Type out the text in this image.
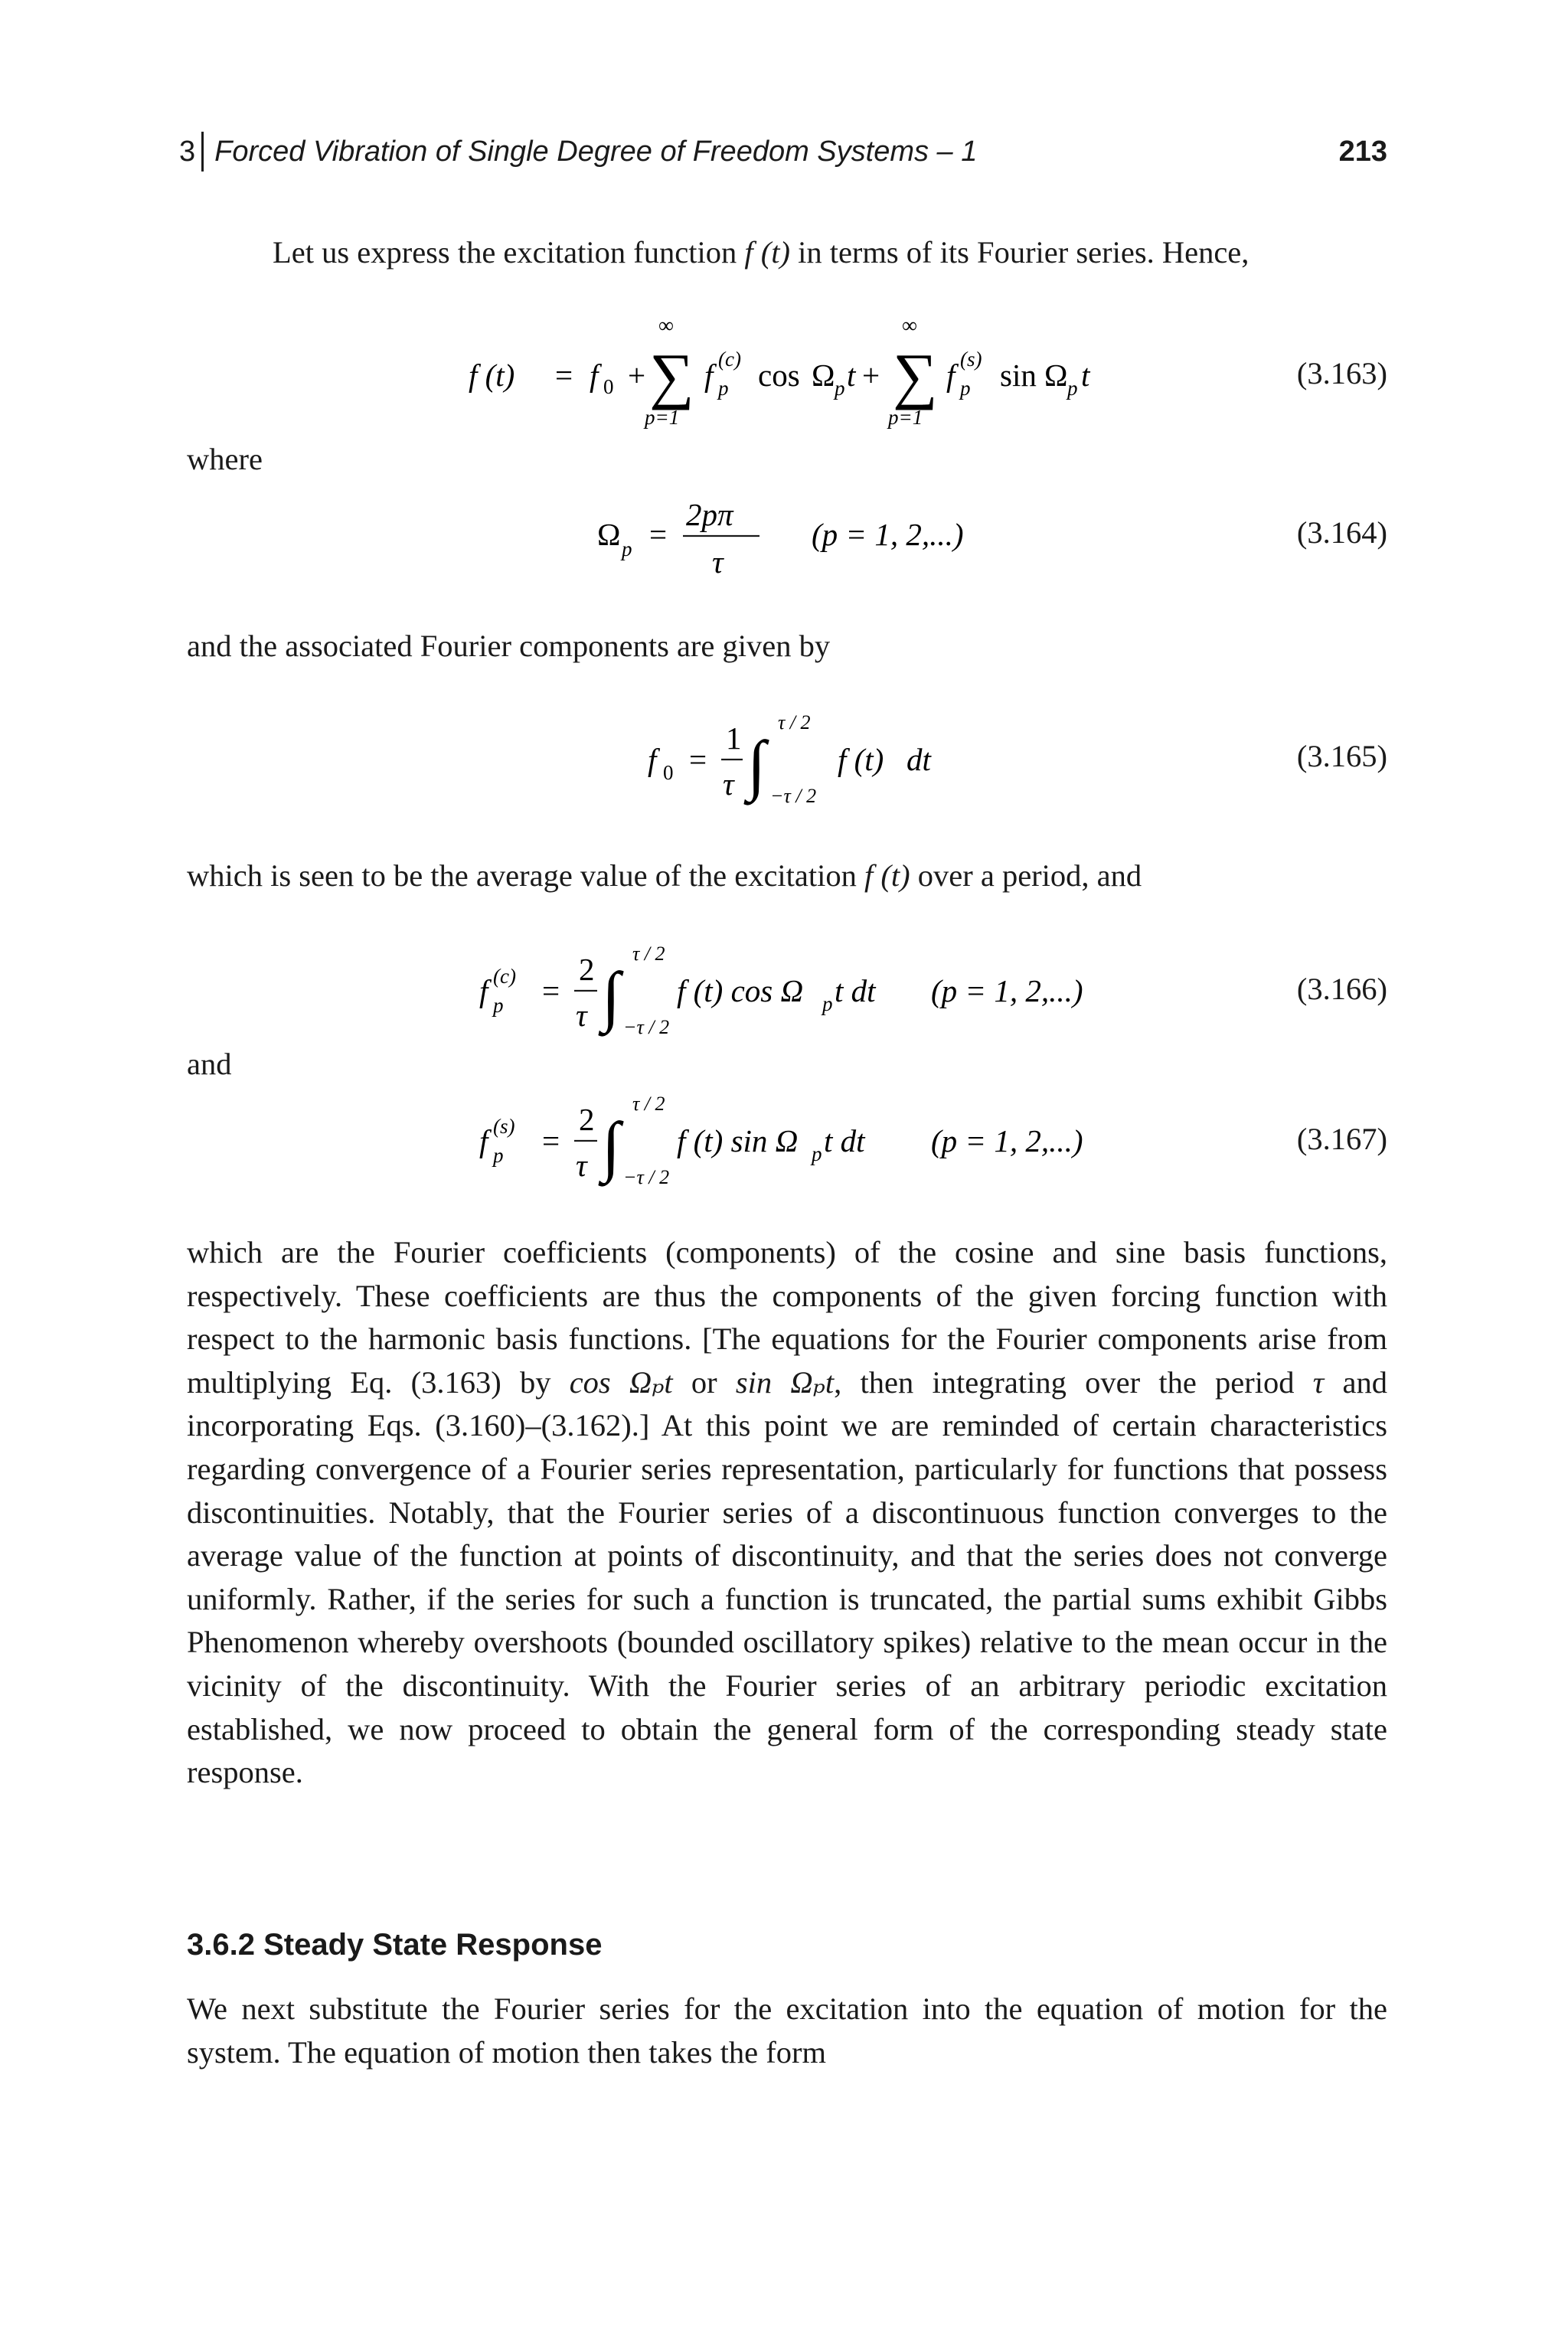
3 Forced Vibration of Single Degree of Freedom Systems – 1	213
Let us express the excitation function f (t) in terms of its Fourier series. Hence,
f (t) = f 0 +
∞
∑
p=1
f (c)
p cos Ω p t +
∞
∑
p=1
f (s)
p sin Ω p t	(3.163)
where
Ω p =
2pπ
τ
(p = 1, 2,...)	(3.164)
and the associated Fourier components are given by
f 0 =
1
τ ∫
τ / 2
−τ / 2
f (t) dt	(3.165)
which is seen to be the average value of the excitation f (t) over a period, and
f (c)
p =
2
τ ∫
τ / 2
−τ / 2
f (t) cos Ω p t dt (p = 1, 2,...)	(3.166)
and
f (s)
p =
2
τ ∫
τ / 2
−τ / 2
f (t) sin Ω p t dt (p = 1, 2,...)	(3.167)
which are the Fourier coefficients (components) of the cosine and sine basis functions, respectively. These coefficients are thus the components of the given forcing function with respect to the harmonic basis functions. [The equations for the Fourier components arise from multiplying Eq. (3.163) by cos Ωₚt or sin Ωₚt, then integrating over the period τ and incorporating Eqs. (3.160)–(3.162).] At this point we are reminded of certain characteristics regarding convergence of a Fourier series representation, particularly for functions that possess discontinuities. Notably, that the Fourier series of a discontinuous function converges to the average value of the function at points of discontinuity, and that the series does not converge uniformly. Rather, if the series for such a function is truncated, the partial sums exhibit Gibbs Phenomenon whereby overshoots (bounded oscillatory spikes) relative to the mean occur in the vicinity of the discontinuity. With the Fourier series of an arbitrary periodic excitation established, we now proceed to obtain the general form of the corresponding steady state response.
3.6.2 Steady State Response
We next substitute the Fourier series for the excitation into the equation of motion for the system. The equation of motion then takes the form
